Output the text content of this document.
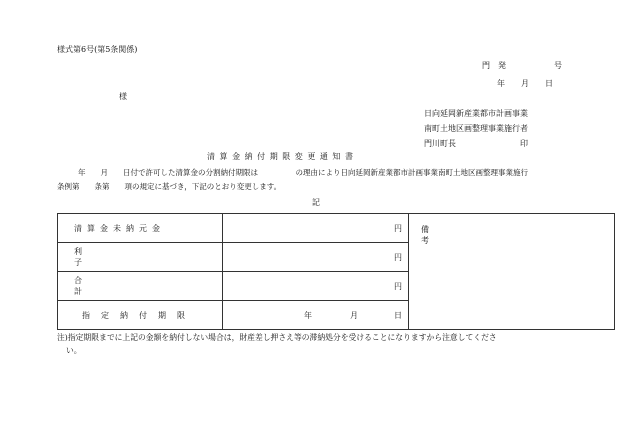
様式第6号(第5条関係)
門　発　　　　　　号
年　　月　　日
様
日向延岡新産業都市計画事業
南町土地区画整理事業施行者
門川町長	印
清 算 金 納 付 期 限 変 更 通 知 書
年　　月　　日付で許可した清算金の分割納付期限は　　　　　の理由により日向延岡新産業都市計画事業南町土地区画整理事業施行
条例第　　条第　　項の規定に基づき，下記のとおり変更します。
記
清算金未納元金	円	備考

利子	円	

合計	円	

指定納付期限	年 月 日	
注)指定期限までに上記の金額を納付しない場合は，財産差し押さえ等の滞納処分を受けることになりますから注意してくださ
い。
